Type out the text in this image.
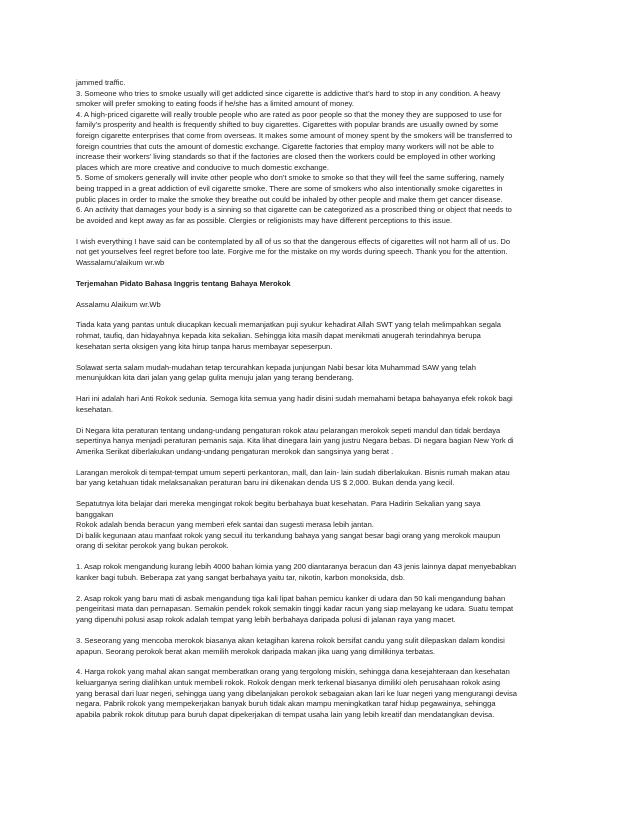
jammed traffic.
3. Someone who tries to smoke usually will get addicted since cigarette is addictive that’s hard to stop in any condition. A heavy
smoker will prefer smoking to eating foods if he/she has a limited amount of money.
4. A high-priced cigarette will really trouble people who are rated as poor people so that the money they are supposed to use for
family’s prosperity and health is frequently shifted to buy cigarettes. Cigarettes with popular brands are usually owned by some
foreign cigarette enterprises that come from overseas. It makes some amount of money spent by the smokers will be transferred to
foreign countries that cuts the amount of domestic exchange. Cigarette factories that employ many workers will not be able to
increase their workers’ living standards so that if the factories are closed then the workers could be employed in other working
places which are more creative and conducive to much domestic exchange.
5. Some of smokers generally will invite other people who don’t smoke to smoke so that they will feel the same suffering, namely
being trapped in a great addiction of evil cigarette smoke. There are some of smokers who also intentionally smoke cigarettes in
public places in order to make the smoke they breathe out could be inhaled by other people and make them get cancer disease.
6. An activity that damages your body is a sinning so that cigarette can be categorized as a proscribed thing or object that needs to
be avoided and kept away as far as possible. Clergies or religionists may have different perceptions to this issue.
I wish everything I have said can be contemplated by all of us so that the dangerous effects of cigarettes will not harm all of us. Do
not get yourselves feel regret before too late. Forgive me for the mistake on my words during speech. Thank you for the attention.
Wassalamu’alaikum wr.wb
Terjemahan Pidato Bahasa Inggris tentang Bahaya Merokok
Assalamu Alaikum wr.Wb
Tiada kata yang pantas untuk diucapkan kecuali memanjatkan puji syukur kehadirat Allah SWT yang telah melimpahkan segala
rohmat, taufiq, dan hidayahnya kepada kita sekalian. Sehingga kita masih dapat menikmati anugerah terindahnya berupa
kesehatan serta oksigen yang kita hirup tanpa harus membayar sepeserpun.
Solawat serta salam mudah-mudahan tetap tercurahkan kepada junjungan Nabi besar kita Muhammad SAW yang telah
menunjukkan kita dari jalan yang gelap gulita menuju jalan yang terang benderang.
Hari ini adalah hari Anti Rokok sedunia. Semoga kita semua yang hadir disini sudah memahami betapa bahayanya efek rokok bagi
kesehatan.
Di Negara kita peraturan tentang undang-undang pengaturan rokok atau pelarangan merokok sepeti mandul dan tidak berdaya
sepertinya hanya menjadi peraturan pemanis saja. Kita lihat dinegara lain yang justru Negara bebas. Di negara bagian New York di
Amerika Serikat diberlakukan undang-undang pengaturan merokok dan sangsinya yang berat .
Larangan merokok di tempat-tempat umum seperti perkantoran, mall, dan lain- lain sudah diberlakukan. Bisnis rumah makan atau
bar yang ketahuan tidak melaksanakan peraturan baru ini dikenakan denda US $ 2,000. Bukan denda yang kecil.
Sepatutnya kita belajar dari mereka mengingat rokok begitu berbahaya buat kesehatan. Para Hadirin Sekalian yang saya
banggakan
Rokok adalah benda beracun yang memberi efek santai dan sugesti merasa lebih jantan.
Di balik kegunaan atau manfaat rokok yang secuil itu terkandung bahaya yang sangat besar bagi orang yang merokok maupun
orang di sekitar perokok yang bukan perokok.
1. Asap rokok mengandung kurang lebih 4000 bahan kimia yang 200 diantaranya beracun dan 43 jenis lainnya dapat menyebabkan
kanker bagi tubuh. Beberapa zat yang sangat berbahaya yaitu tar, nikotin, karbon monoksida, dsb.
2. Asap rokok yang baru mati di asbak mengandung tiga kali lipat bahan pemicu kanker di udara dan 50 kali mengandung bahan
pengeiritasi mata dan pernapasan. Semakin pendek rokok semakin tinggi kadar racun yang siap melayang ke udara. Suatu tempat
yang dipenuhi polusi asap rokok adalah tempat yang lebih berbahaya daripada polusi di jalanan raya yang macet.
3. Seseorang yang mencoba merokok biasanya akan ketagihan karena rokok bersifat candu yang sulit dilepaskan dalam kondisi
apapun. Seorang perokok berat akan memilih merokok daripada makan jika uang yang dimilikinya terbatas.
4. Harga rokok yang mahal akan sangat memberatkan orang yang tergolong miskin, sehingga dana kesejahteraan dan kesehatan
keluarganya sering dialihkan untuk membeli rokok. Rokok dengan merk terkenal biasanya dimiliki oleh perusahaan rokok asing
yang berasal dari luar negeri, sehingga uang yang dibelanjakan perokok sebagaian akan lari ke luar negeri yang mengurangi devisa
negara. Pabrik rokok yang mempekerjakan banyak buruh tidak akan mampu meningkatkan taraf hidup pegawainya, sehingga
apabila pabrik rokok ditutup para buruh dapat dipekerjakan di tempat usaha lain yang lebih kreatif dan mendatangkan devisa.
